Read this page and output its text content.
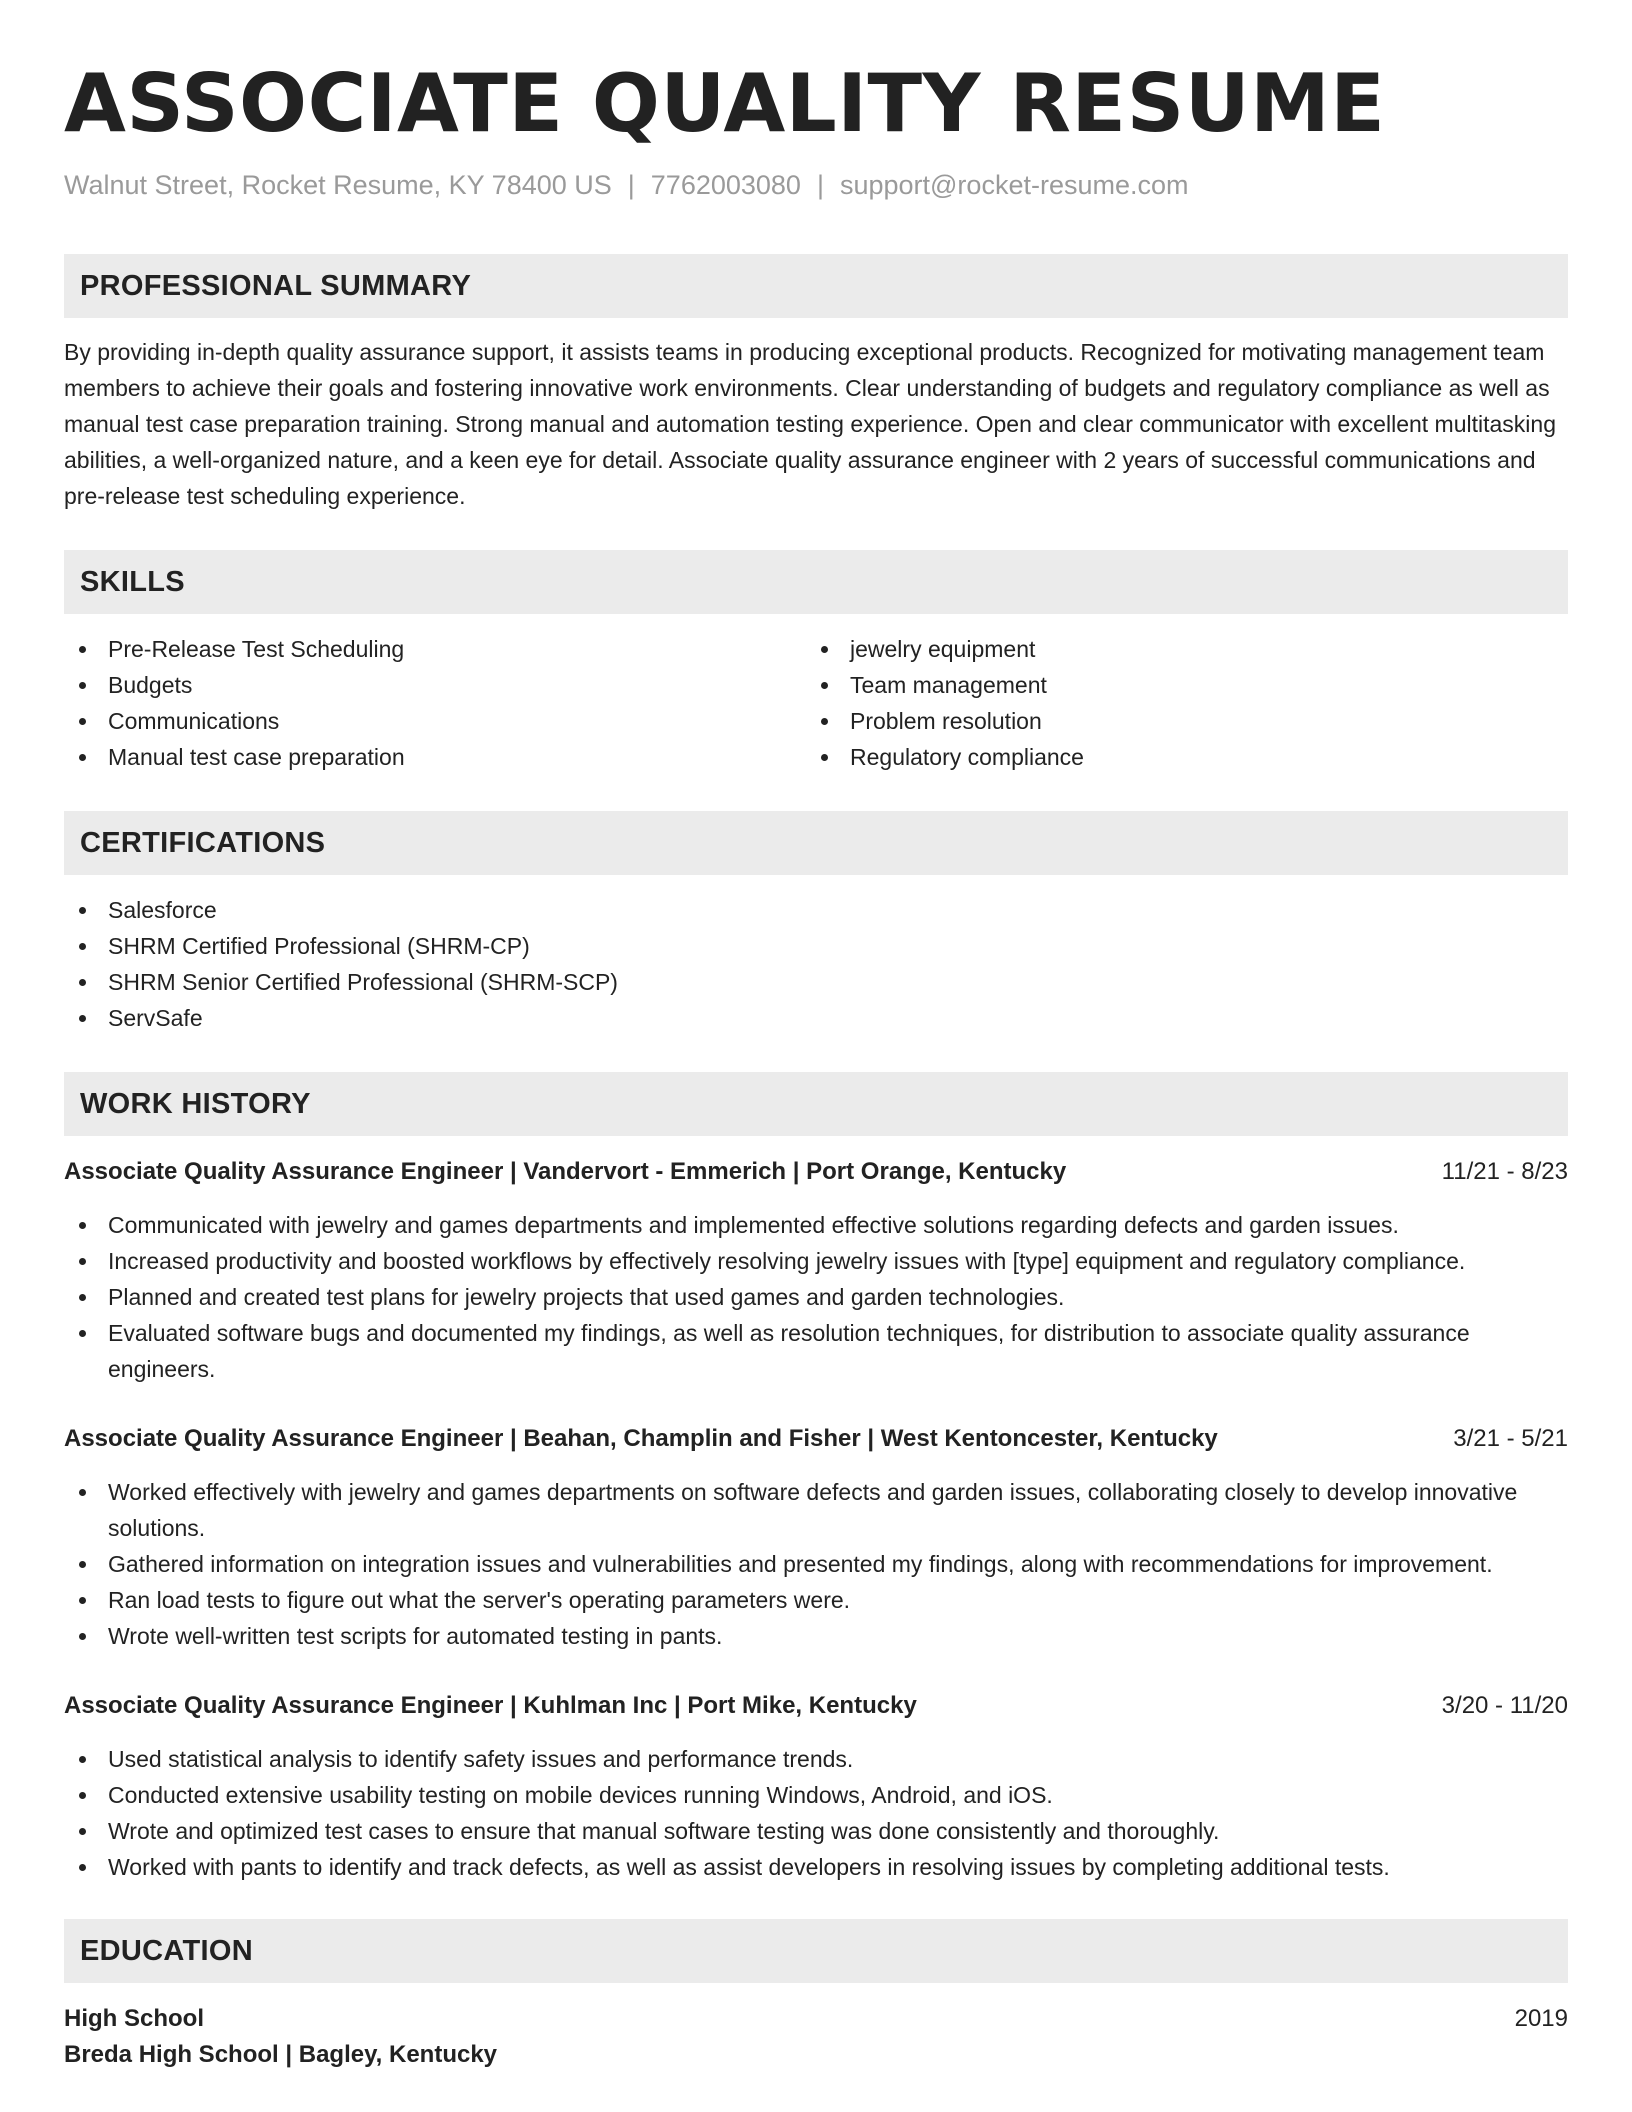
ASSOCIATE QUALITY RESUME
Walnut Street, Rocket Resume, KY 78400 US | 7762003080 | support@rocket-resume.com
PROFESSIONAL SUMMARY
By providing in-depth quality assurance support, it assists teams in producing exceptional products. Recognized for motivating management team members to achieve their goals and fostering innovative work environments. Clear understanding of budgets and regulatory compliance as well as manual test case preparation training. Strong manual and automation testing experience. Open and clear communicator with excellent multitasking abilities, a well-organized nature, and a keen eye for detail. Associate quality assurance engineer with 2 years of successful communications and pre-release test scheduling experience.
SKILLS
Pre-Release Test Scheduling
Budgets
Communications
Manual test case preparation
jewelry equipment
Team management
Problem resolution
Regulatory compliance
CERTIFICATIONS
Salesforce
SHRM Certified Professional (SHRM-CP)
SHRM Senior Certified Professional (SHRM-SCP)
ServSafe
WORK HISTORY
Associate Quality Assurance Engineer | Vandervort - Emmerich | Port Orange, Kentucky	11/21 - 8/23
Communicated with jewelry and games departments and implemented effective solutions regarding defects and garden issues.
Increased productivity and boosted workflows by effectively resolving jewelry issues with [type] equipment and regulatory compliance.
Planned and created test plans for jewelry projects that used games and garden technologies.
Evaluated software bugs and documented my findings, as well as resolution techniques, for distribution to associate quality assurance engineers.
Associate Quality Assurance Engineer | Beahan, Champlin and Fisher | West Kentoncester, Kentucky	3/21 - 5/21
Worked effectively with jewelry and games departments on software defects and garden issues, collaborating closely to develop innovative solutions.
Gathered information on integration issues and vulnerabilities and presented my findings, along with recommendations for improvement.
Ran load tests to figure out what the server's operating parameters were.
Wrote well-written test scripts for automated testing in pants.
Associate Quality Assurance Engineer | Kuhlman Inc | Port Mike, Kentucky	3/20 - 11/20
Used statistical analysis to identify safety issues and performance trends.
Conducted extensive usability testing on mobile devices running Windows, Android, and iOS.
Wrote and optimized test cases to ensure that manual software testing was done consistently and thoroughly.
Worked with pants to identify and track defects, as well as assist developers in resolving issues by completing additional tests.
EDUCATION
High School	2019
Breda High School | Bagley, Kentucky
